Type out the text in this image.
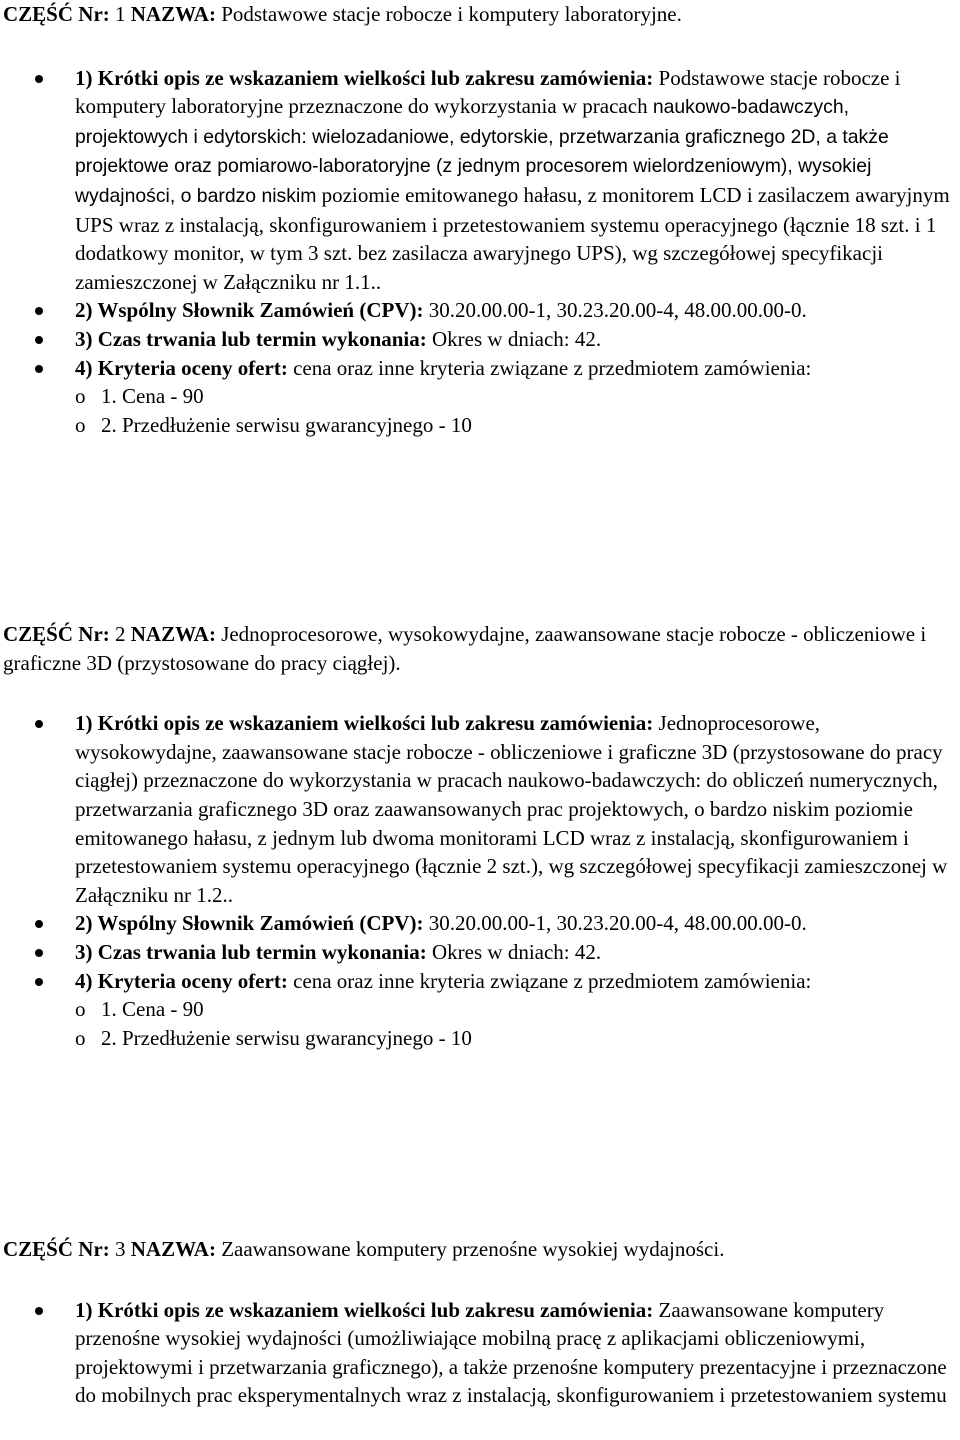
CZĘŚĆ Nr: 1 NAZWA: Podstawowe stacje robocze i komputery laboratoryjne.

1) Krótki opis ze wskazaniem wielkości lub zakresu zamówienia: Podstawowe stacje robocze i komputery laboratoryjne przeznaczone do wykorzystania w pracach naukowo-badawczych, projektowych i edytorskich: wielozadaniowe, edytorskie, przetwarzania graficznego 2D, a także projektowe oraz pomiarowo-laboratoryjne (z jednym procesorem wielordzeniowym), wysokiej wydajności, o bardzo niskim poziomie emitowanego hałasu, z monitorem LCD i zasilaczem awaryjnym UPS wraz z instalacją, skonfigurowaniem i przetestowaniem systemu operacyjnego (łącznie 18 szt. i 1 dodatkowy monitor, w tym 3 szt. bez zasilacza awaryjnego UPS), wg szczegółowej specyfikacji zamieszczonej w Załączniku nr 1.1..
2) Wspólny Słownik Zamówień (CPV): 30.20.00.00-1, 30.23.20.00-4, 48.00.00.00-0.
3) Czas trwania lub termin wykonania: Okres w dniach: 42.
4) Kryteria oceny ofert: cena oraz inne kryteria związane z przedmiotem zamówienia:
o 1. Cena - 90
o 2. Przedłużenie serwisu gwarancyjnego - 10

CZĘŚĆ Nr: 2 NAZWA: Jednoprocesorowe, wysokowydajne, zaawansowane stacje robocze - obliczeniowe i graficzne 3D (przystosowane do pracy ciągłej).

1) Krótki opis ze wskazaniem wielkości lub zakresu zamówienia: Jednoprocesorowe, wysokowydajne, zaawansowane stacje robocze - obliczeniowe i graficzne 3D (przystosowane do pracy ciągłej) przeznaczone do wykorzystania w pracach naukowo-badawczych: do obliczeń numerycznych, przetwarzania graficznego 3D oraz zaawansowanych prac projektowych, o bardzo niskim poziomie emitowanego hałasu, z jednym lub dwoma monitorami LCD wraz z instalacją, skonfigurowaniem i przetestowaniem systemu operacyjnego (łącznie 2 szt.), wg szczegółowej specyfikacji zamieszczonej w Załączniku nr 1.2..
2) Wspólny Słownik Zamówień (CPV): 30.20.00.00-1, 30.23.20.00-4, 48.00.00.00-0.
3) Czas trwania lub termin wykonania: Okres w dniach: 42.
4) Kryteria oceny ofert: cena oraz inne kryteria związane z przedmiotem zamówienia:
o 1. Cena - 90
o 2. Przedłużenie serwisu gwarancyjnego - 10

CZĘŚĆ Nr: 3 NAZWA: Zaawansowane komputery przenośne wysokiej wydajności.

1) Krótki opis ze wskazaniem wielkości lub zakresu zamówienia: Zaawansowane komputery przenośne wysokiej wydajności (umożliwiające mobilną pracę z aplikacjami obliczeniowymi, projektowymi i przetwarzania graficznego), a także przenośne komputery prezentacyjne i przeznaczone do mobilnych prac eksperymentalnych wraz z instalacją, skonfigurowaniem i przetestowaniem systemu
